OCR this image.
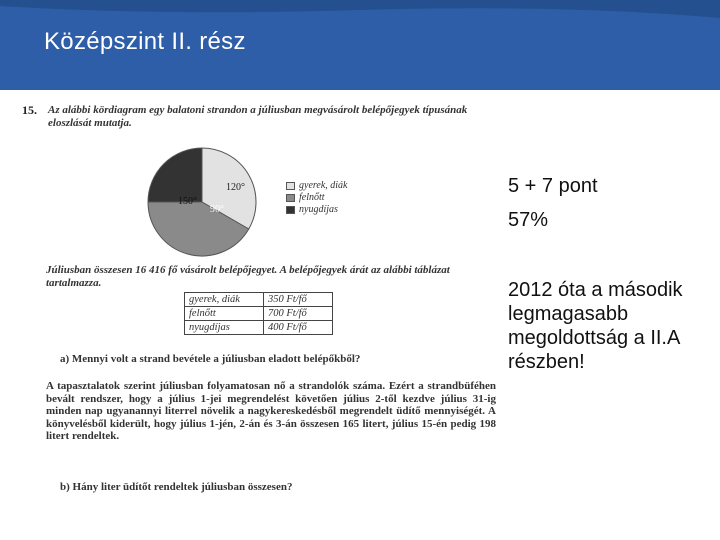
Középszint II. rész
15. Az alábbi kördiagram egy balatoni strandon a júliusban megvásárolt belépőjegyek típusának eloszlását mutatja.
120°
150°
90°
gyerek, diák
felnőtt
nyugdíjas
Júliusban összesen 16 416 fő vásárolt belépőjegyet. A belépőjegyek árát az alábbi táblázat tartalmazza.
gyerek, diák	350 Ft/fő
felnőtt	700 Ft/fő
nyugdíjas	400 Ft/fő
a) Mennyi volt a strand bevétele a júliusban eladott belépőkből?
A tapasztalatok szerint júliusban folyamatosan nő a strandolók száma. Ezért a strandbüféhen bevált rendszer, hogy a július 1-jei megrendelést követően július 2-től kezdve július 31-ig minden nap ugyanannyi literrel növelik a nagykereskedésből megrendelt üdítő mennyiségét. A könyvelésből kiderült, hogy július 1-jén, 2-án és 3-án összesen 165 litert, július 15-én pedig 198 litert rendeltek.
b) Hány liter üdítőt rendeltek júliusban összesen?
5 + 7 pont
57%
2012 óta a második legmagasabb megoldottság a II.A részben!
